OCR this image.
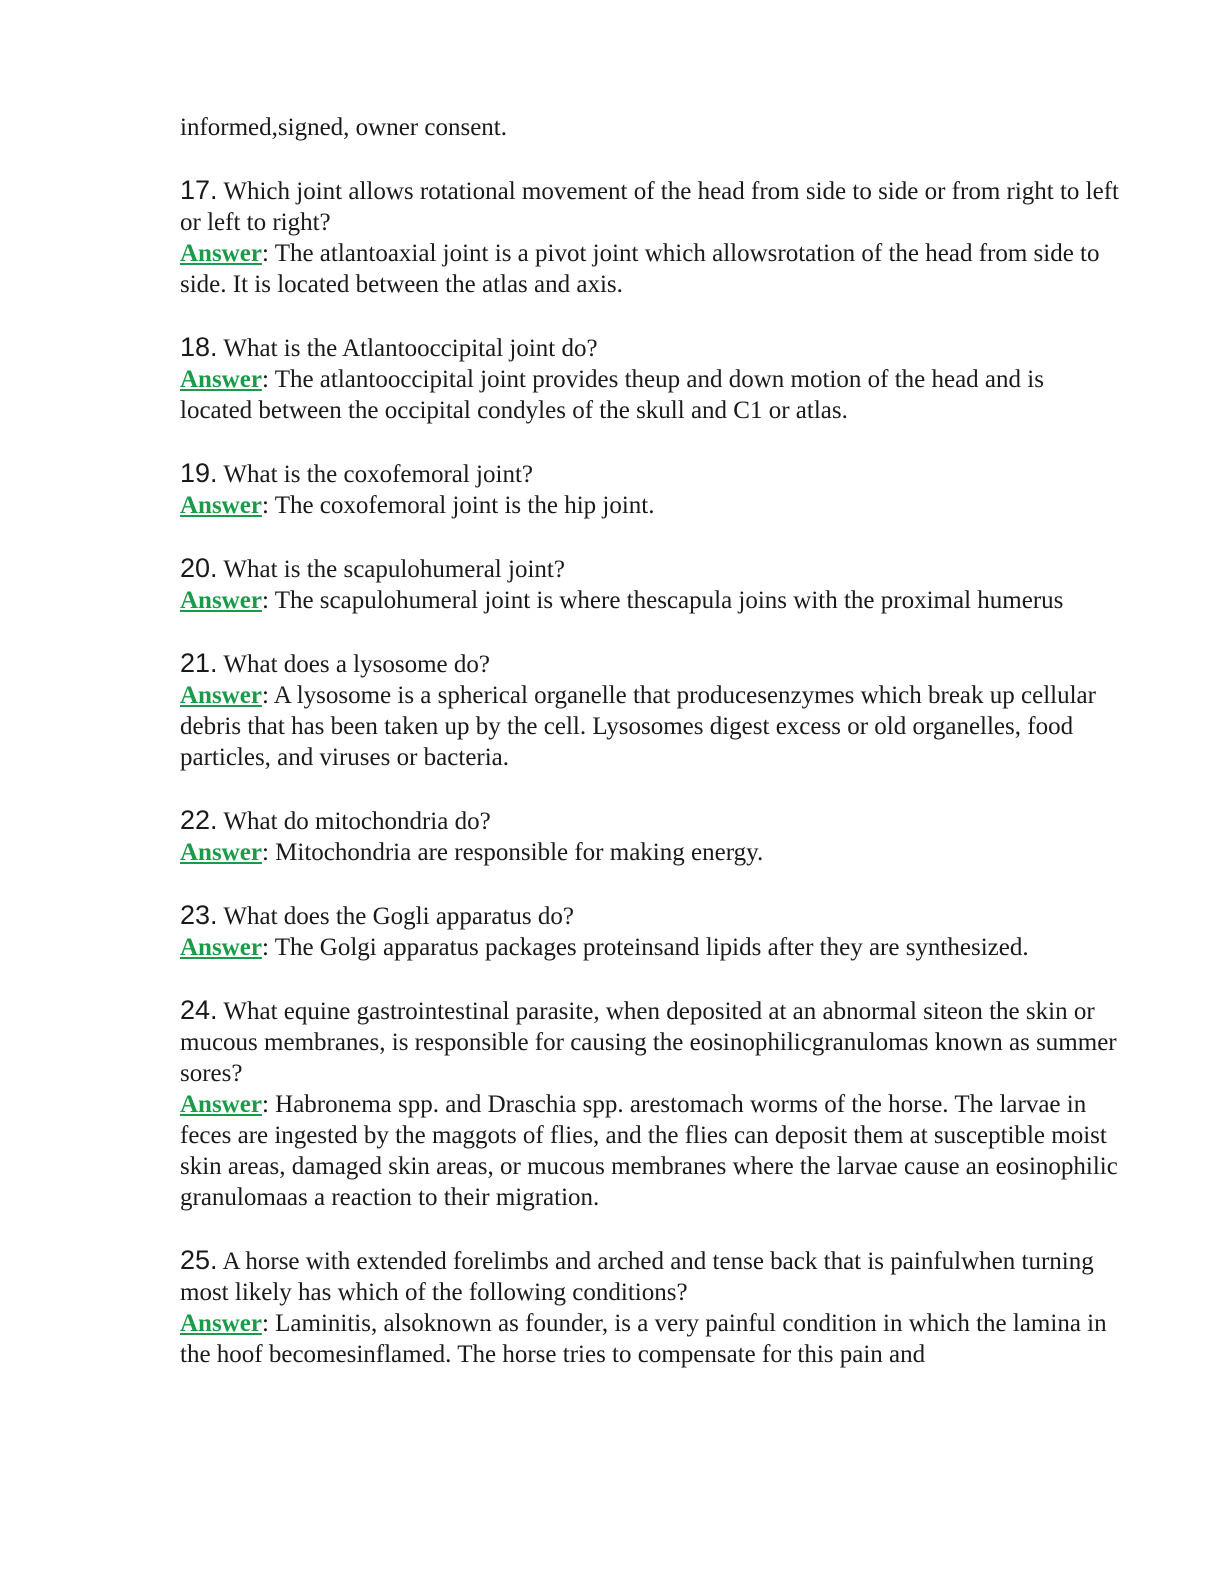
informed,signed, owner consent.

17. Which joint allows rotational movement of the head from side to side or from right to left or left to right?

Answer: The atlantoaxial joint is a pivot joint which allowsrotation of the head from side to side. It is located between the atlas and axis.

18. What is the Atlantooccipital joint do?

Answer: The atlantooccipital joint provides theup and down motion of the head and is located between the occipital condyles of the skull and C1 or atlas.

19. What is the coxofemoral joint?

Answer: The coxofemoral joint is the hip joint.

20. What is the scapulohumeral joint?

Answer: The scapulohumeral joint is where thescapula joins with the proximal humerus

21. What does a lysosome do?

Answer: A lysosome is a spherical organelle that producesenzymes which break up cellular debris that has been taken up by the cell. Lysosomes digest excess or old organelles, food particles, and viruses or bacteria.

22. What do mitochondria do?

Answer: Mitochondria are responsible for making energy.

23. What does the Gogli apparatus do?

Answer: The Golgi apparatus packages proteinsand lipids after they are synthesized.

24. What equine gastrointestinal parasite, when deposited at an abnormal siteon the skin or mucous membranes, is responsible for causing the eosinophilicgranulomas known as summer sores?

Answer: Habronema spp. and Draschia spp. arestomach worms of the horse. The larvae in feces are ingested by the maggots of flies, and the flies can deposit them at susceptible moist skin areas, damaged skin areas, or mucous membranes where the larvae cause an eosinophilic granulomaas a reaction to their migration.

25. A horse with extended forelimbs and arched and tense back that is painfulwhen turning most likely has which of the following conditions?

Answer: Laminitis, alsoknown as founder, is a very painful condition in which the lamina in the hoof becomesinflamed. The horse tries to compensate for this pain and
